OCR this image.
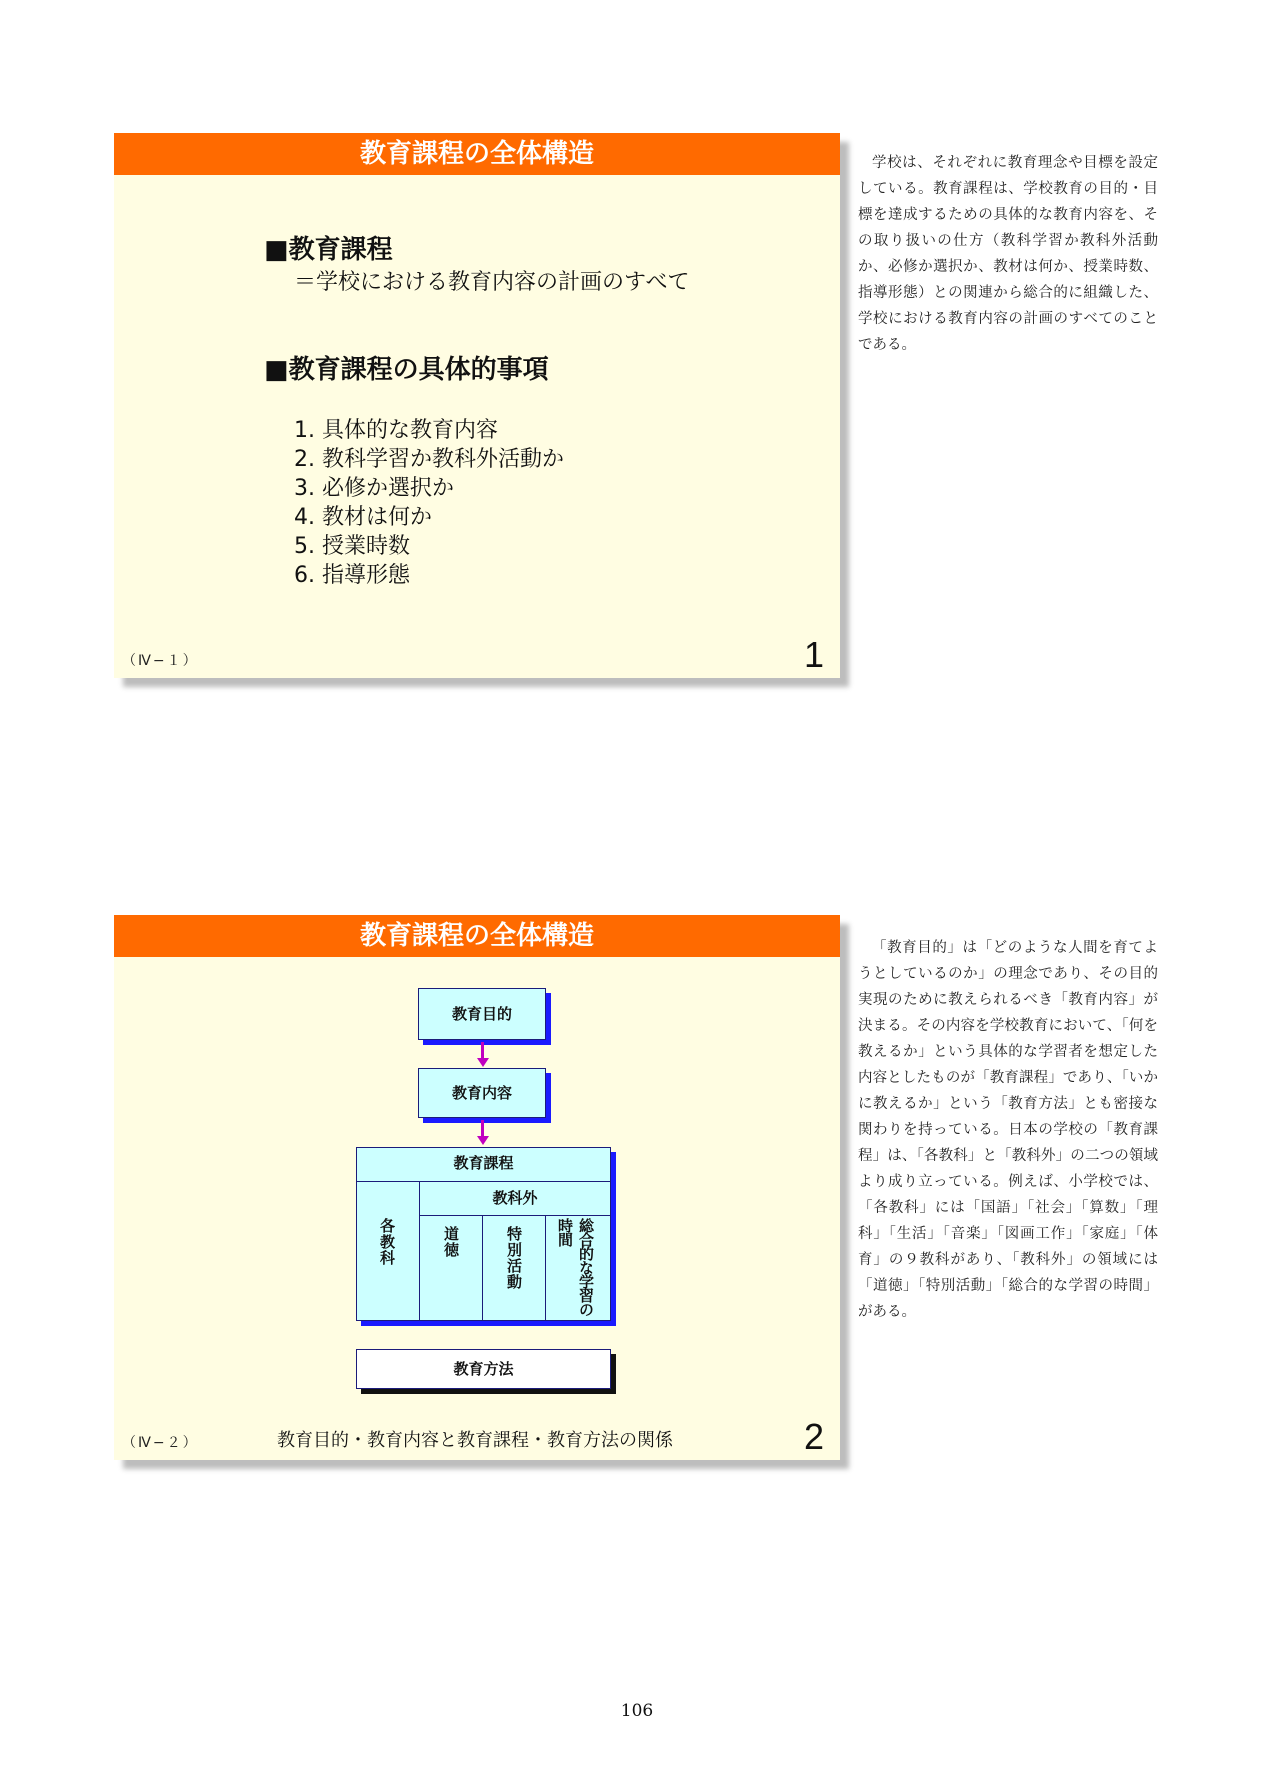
教育課程の全体構造
■教育課程
＝学校における教育内容の計画のすべて
■教育課程の具体的事項
1. 具体的な教育内容
2. 教科学習か教科外活動か
3. 必修か選択か
4. 教材は何か
5. 授業時数
6. 指導形態
（Ⅳ−１）	1
学校は、それぞれに教育理念や目標を設定している。教育課程は、学校教育の目的・目標を達成するための具体的な教育内容を、その取り扱いの仕方（教科学習か教科外活動か、必修か選択か、教材は何か、授業時数、指導形態）との関連から総合的に組織した、学校における教育内容の計画のすべてのことである。
教育課程の全体構造
教育目的
教育内容
教育課程
各教科
教科外
道徳	特別活動	総合的な学習の時間
教育方法
教育目的・教育内容と教育課程・教育方法の関係
（Ⅳ−２）	2
「教育目的」は「どのような人間を育てようとしているのか」の理念であり、その目的実現のために教えられるべき「教育内容」が決まる。その内容を学校教育において、「何を教えるか」という具体的な学習者を想定した内容としたものが「教育課程」であり、「いかに教えるか」という「教育方法」とも密接な関わりを持っている。日本の学校の「教育課程」は、「各教科」と「教科外」の二つの領域より成り立っている。例えば、小学校では、「各教科」には「国語」「社会」「算数」「理科」「生活」「音楽」「図画工作」「家庭」「体育」の９教科があり、「教科外」の領域には「道徳」「特別活動」「総合的な学習の時間」がある。
106
